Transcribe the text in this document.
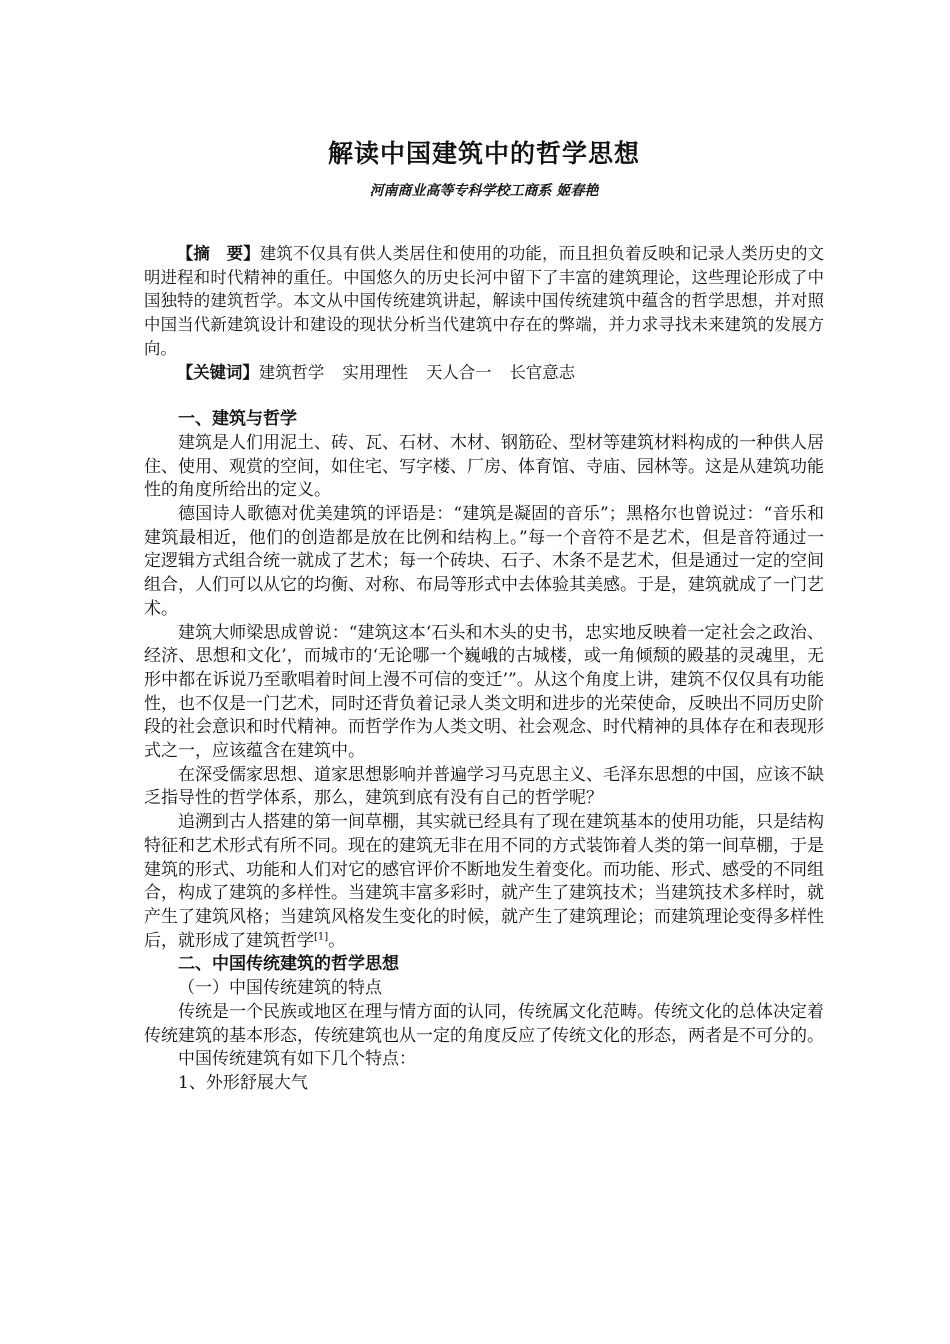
解读中国建筑中的哲学思想
河南商业高等专科学校工商系 姬春艳

【摘　要】建筑不仅具有供人类居住和使用的功能，而且担负着反映和记录人类历史的文明进程和时代精神的重任。中国悠久的历史长河中留下了丰富的建筑理论，这些理论形成了中国独特的建筑哲学。本文从中国传统建筑讲起，解读中国传统建筑中蕴含的哲学思想，并对照中国当代新建筑设计和建设的现状分析当代建筑中存在的弊端，并力求寻找未来建筑的发展方向。

【关键词】建筑哲学 实用理性 天人合一 长官意志

一、建筑与哲学

建筑是人们用泥土、砖、瓦、石材、木材、钢筋砼、型材等建筑材料构成的一种供人居住、使用、观赏的空间，如住宅、写字楼、厂房、体育馆、寺庙、园林等。这是从建筑功能性的角度所给出的定义。

德国诗人歌德对优美建筑的评语是：“建筑是凝固的音乐”；黑格尔也曾说过：“音乐和建筑最相近，他们的创造都是放在比例和结构上。”每一个音符不是艺术，但是音符通过一定逻辑方式组合统一就成了艺术；每一个砖块、石子、木条不是艺术，但是通过一定的空间组合，人们可以从它的均衡、对称、布局等形式中去体验其美感。于是，建筑就成了一门艺术。

建筑大师梁思成曾说：“建筑这本‘石头和木头的史书，忠实地反映着一定社会之政治、经济、思想和文化’，而城市的‘无论哪一个巍峨的古城楼，或一角倾颓的殿基的灵魂里，无形中都在诉说乃至歌唱着时间上漫不可信的变迁’”。从这个角度上讲，建筑不仅仅具有功能性，也不仅是一门艺术，同时还背负着记录人类文明和进步的光荣使命，反映出不同历史阶段的社会意识和时代精神。而哲学作为人类文明、社会观念、时代精神的具体存在和表现形式之一，应该蕴含在建筑中。

在深受儒家思想、道家思想影响并普遍学习马克思主义、毛泽东思想的中国，应该不缺乏指导性的哲学体系，那么，建筑到底有没有自己的哲学呢？

追溯到古人搭建的第一间草棚，其实就已经具有了现在建筑基本的使用功能，只是结构特征和艺术形式有所不同。现在的建筑无非在用不同的方式装饰着人类的第一间草棚，于是建筑的形式、功能和人们对它的感官评价不断地发生着变化。而功能、形式、感受的不同组合，构成了建筑的多样性。当建筑丰富多彩时，就产生了建筑技术；当建筑技术多样时，就产生了建筑风格；当建筑风格发生变化的时候，就产生了建筑理论；而建筑理论变得多样性后，就形成了建筑哲学[1]。

二、中国传统建筑的哲学思想

（一）中国传统建筑的特点

传统是一个民族或地区在理与情方面的认同，传统属文化范畴。传统文化的总体决定着传统建筑的基本形态，传统建筑也从一定的角度反应了传统文化的形态，两者是不可分的。

中国传统建筑有如下几个特点：

1、外形舒展大气
